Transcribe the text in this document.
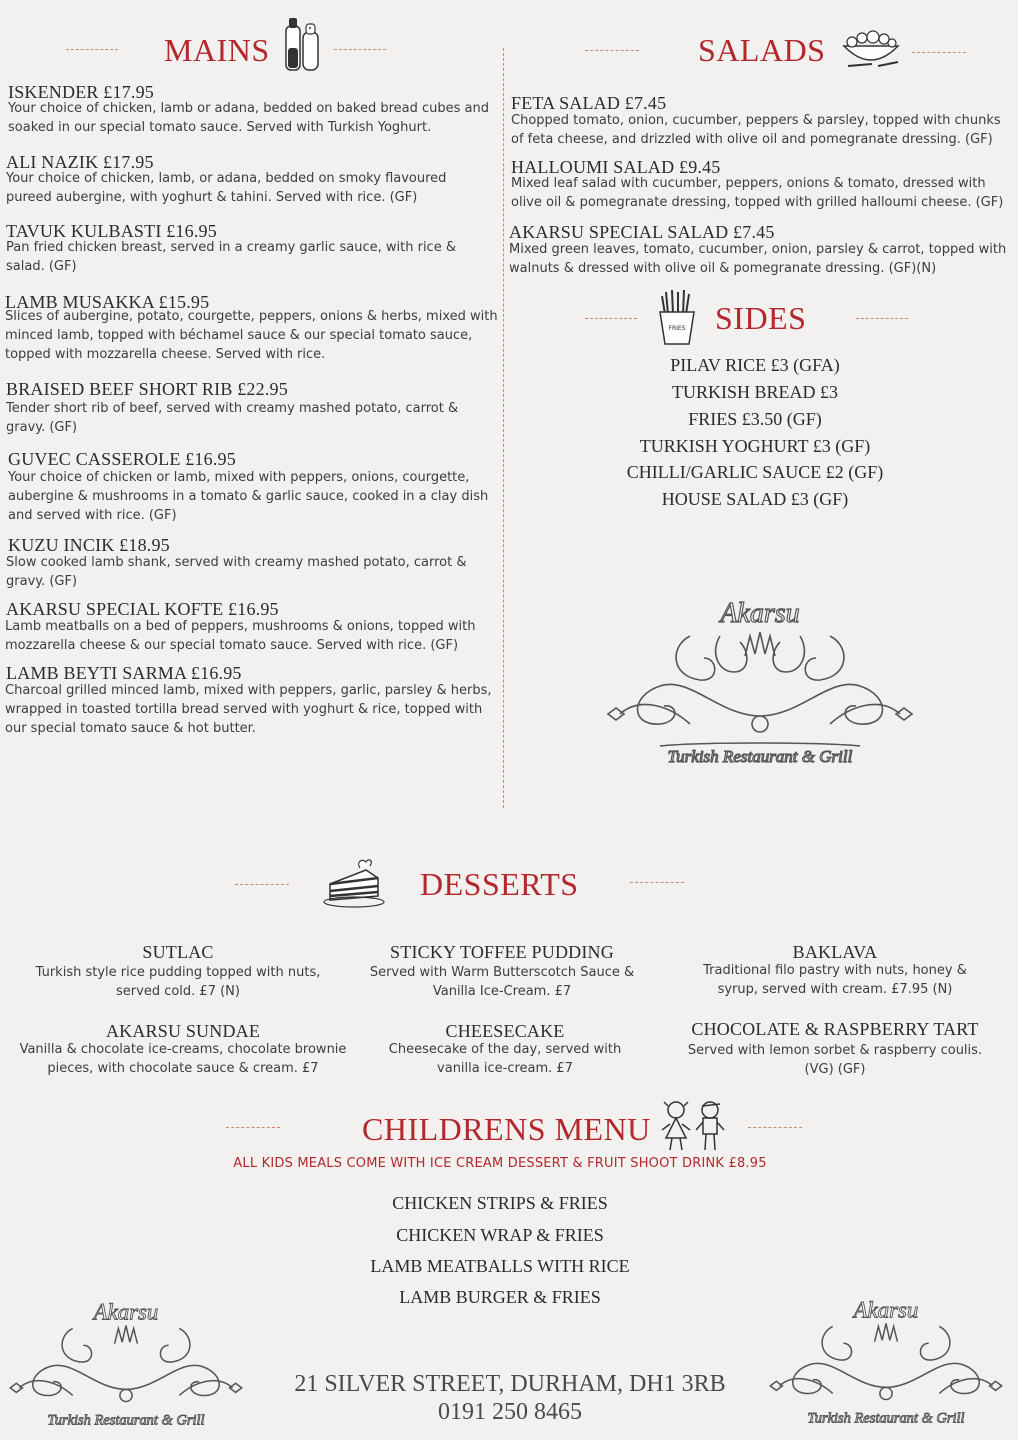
MAINS
ISKENDER £17.95
Your choice of chicken, lamb or adana, bedded on baked bread cubes and soaked in our special tomato sauce. Served with Turkish Yoghurt.
ALI NAZIK £17.95
Your choice of chicken, lamb, or adana, bedded on smoky flavoured pureed aubergine, with yoghurt & tahini. Served with rice. (GF)
TAVUK KULBASTI £16.95
Pan fried chicken breast, served in a creamy garlic sauce, with rice & salad. (GF)
LAMB MUSAKKA £15.95
Slices of aubergine, potato, courgette, peppers, onions & herbs, mixed with minced lamb, topped with béchamel sauce & our special tomato sauce, topped with mozzarella cheese. Served with rice.
BRAISED BEEF SHORT RIB £22.95
Tender short rib of beef, served with creamy mashed potato, carrot & gravy. (GF)
GUVEC CASSEROLE £16.95
Your choice of chicken or lamb, mixed with peppers, onions, courgette, aubergine & mushrooms in a tomato & garlic sauce, cooked in a clay dish and served with rice. (GF)
KUZU INCIK £18.95
Slow cooked lamb shank, served with creamy mashed potato, carrot & gravy. (GF)
AKARSU SPECIAL KOFTE £16.95
Lamb meatballs on a bed of peppers, mushrooms & onions, topped with mozzarella cheese & our special tomato sauce. Served with rice. (GF)
LAMB BEYTI SARMA £16.95
Charcoal grilled minced lamb, mixed with peppers, garlic, parsley & herbs, wrapped in toasted tortilla bread served with yoghurt & rice, topped with our special tomato sauce & hot butter.
SALADS
FETA SALAD £7.45
Chopped tomato, onion, cucumber, peppers & parsley, topped with chunks of feta cheese, and drizzled with olive oil and pomegranate dressing. (GF)
HALLOUMI SALAD £9.45
Mixed leaf salad with cucumber, peppers, onions & tomato, dressed with olive oil & pomegranate dressing, topped with grilled halloumi cheese. (GF)
AKARSU SPECIAL SALAD £7.45
Mixed green leaves, tomato, cucumber, onion, parsley & carrot, topped with walnuts & dressed with olive oil & pomegranate dressing. (GF)(N)
FRIES SIDES
PILAV RICE £3 (GFA)
TURKISH BREAD £3
FRIES £3.50 (GF)
TURKISH YOGHURT £3 (GF)
CHILLI/GARLIC SAUCE £2 (GF)
HOUSE SALAD £3 (GF)
Akarsu
Turkish Restaurant & Grill
DESSERTS
SUTLAC
Turkish style rice pudding topped with nuts, served cold. £7 (N)
STICKY TOFFEE PUDDING
Served with Warm Butterscotch Sauce & Vanilla Ice-Cream. £7
BAKLAVA
Traditional filo pastry with nuts, honey & syrup, served with cream. £7.95 (N)
AKARSU SUNDAE
Vanilla & chocolate ice-creams, chocolate brownie pieces, with chocolate sauce & cream. £7
CHEESECAKE
Cheesecake of the day, served with vanilla ice-cream. £7
CHOCOLATE & RASPBERRY TART
Served with lemon sorbet & raspberry coulis. (VG) (GF)
CHILDRENS MENU
ALL KIDS MEALS COME WITH ICE CREAM DESSERT & FRUIT SHOOT DRINK £8.95
CHICKEN STRIPS & FRIES
CHICKEN WRAP & FRIES
LAMB MEATBALLS WITH RICE
LAMB BURGER & FRIES
Akarsu
Turkish Restaurant & Grill
Akarsu
Turkish Restaurant & Grill
21 SILVER STREET, DURHAM, DH1 3RB
0191 250 8465
